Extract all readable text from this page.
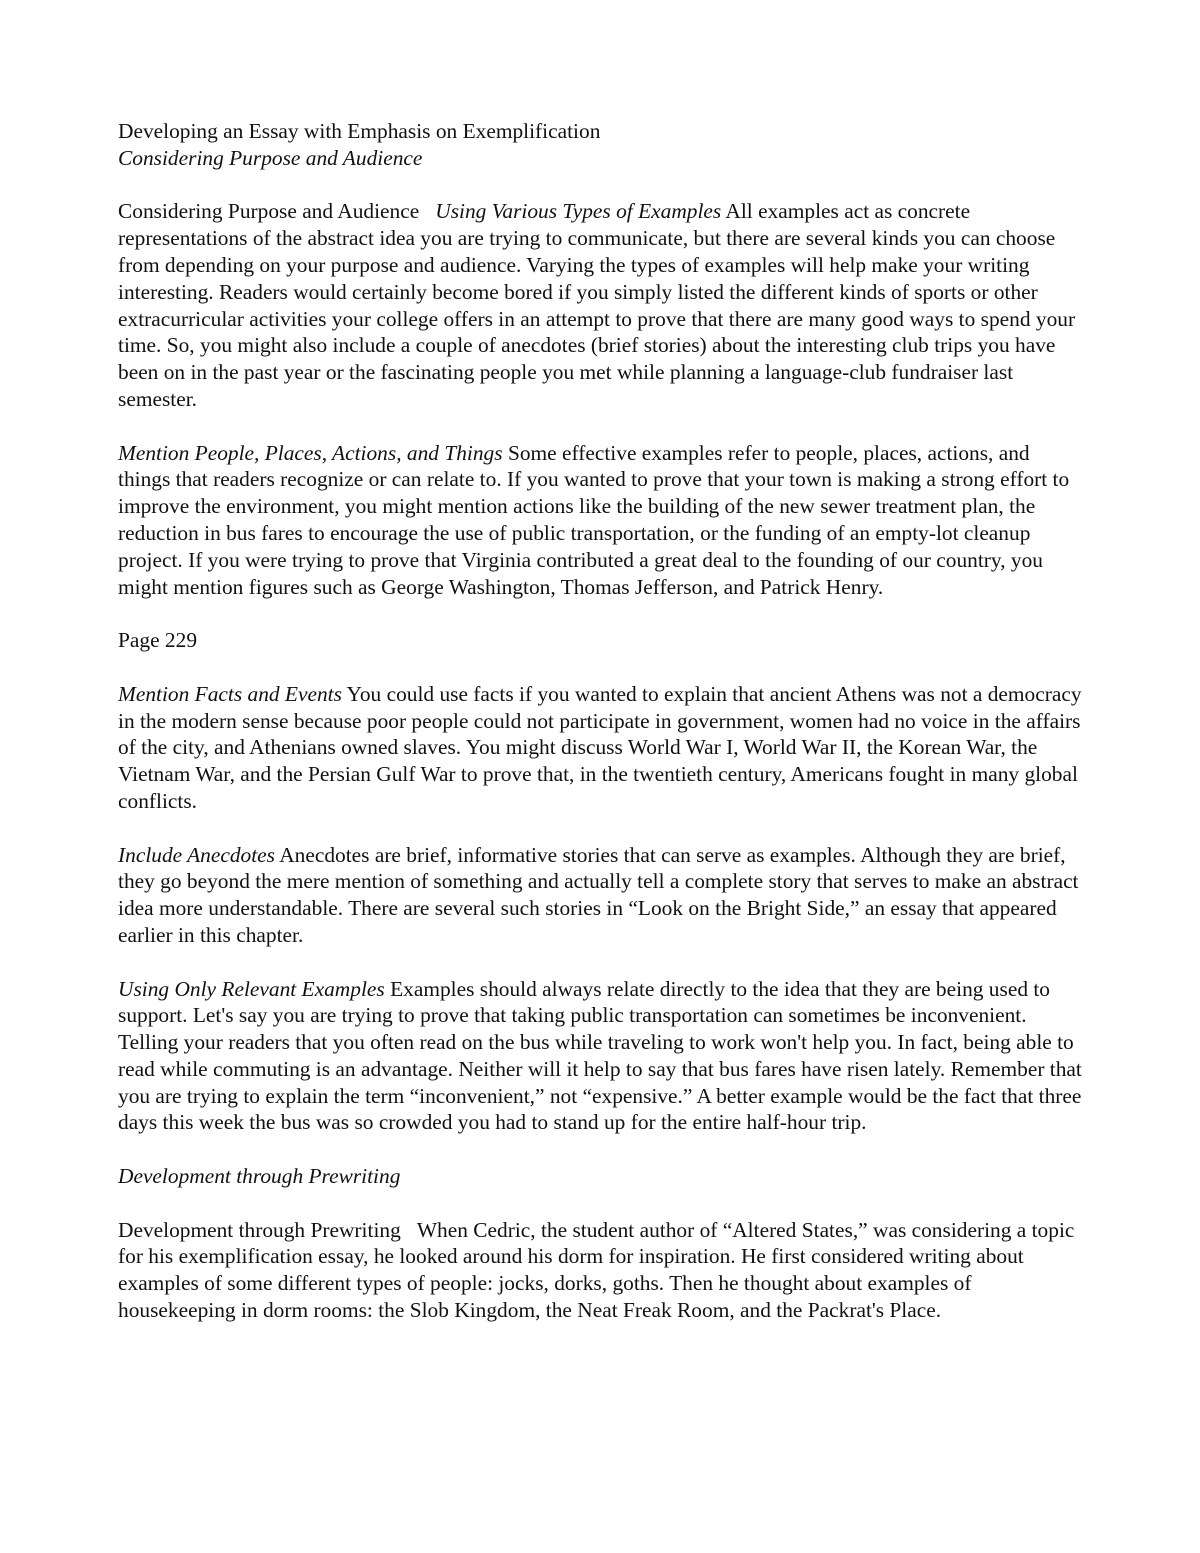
Developing an Essay with Emphasis on Exemplification

Considering Purpose and Audience

Considering Purpose and Audience Using Various Types of Examples All examples act as concrete representations of the abstract idea you are trying to communicate, but there are several kinds you can choose from depending on your purpose and audience. Varying the types of examples will help make your writing interesting. Readers would certainly become bored if you simply listed the different kinds of sports or other extracurricular activities your college offers in an attempt to prove that there are many good ways to spend your time. So, you might also include a couple of anecdotes (brief stories) about the interesting club trips you have been on in the past year or the fascinating people you met while planning a language-club fundraiser last semester.

Mention People, Places, Actions, and Things Some effective examples refer to people, places, actions, and things that readers recognize or can relate to. If you wanted to prove that your town is making a strong effort to improve the environment, you might mention actions like the building of the new sewer treatment plan, the reduction in bus fares to encourage the use of public transportation, or the funding of an empty-lot cleanup project. If you were trying to prove that Virginia contributed a great deal to the founding of our country, you might mention figures such as George Washington, Thomas Jefferson, and Patrick Henry.

Page 229

Mention Facts and Events You could use facts if you wanted to explain that ancient Athens was not a democracy in the modern sense because poor people could not participate in government, women had no voice in the affairs of the city, and Athenians owned slaves. You might discuss World War I, World War II, the Korean War, the Vietnam War, and the Persian Gulf War to prove that, in the twentieth century, Americans fought in many global conflicts.

Include Anecdotes Anecdotes are brief, informative stories that can serve as examples. Although they are brief, they go beyond the mere mention of something and actually tell a complete story that serves to make an abstract idea more understandable. There are several such stories in “Look on the Bright Side,” an essay that appeared earlier in this chapter.

Using Only Relevant Examples Examples should always relate directly to the idea that they are being used to support. Let's say you are trying to prove that taking public transportation can sometimes be inconvenient. Telling your readers that you often read on the bus while traveling to work won't help you. In fact, being able to read while commuting is an advantage. Neither will it help to say that bus fares have risen lately. Remember that you are trying to explain the term “inconvenient,” not “expensive.” A better example would be the fact that three days this week the bus was so crowded you had to stand up for the entire half-hour trip.

Development through Prewriting

Development through Prewriting When Cedric, the student author of “Altered States,” was considering a topic for his exemplification essay, he looked around his dorm for inspiration. He first considered writing about examples of some different types of people: jocks, dorks, goths. Then he thought about examples of housekeeping in dorm rooms: the Slob Kingdom, the Neat Freak Room, and the Packrat's Place.
